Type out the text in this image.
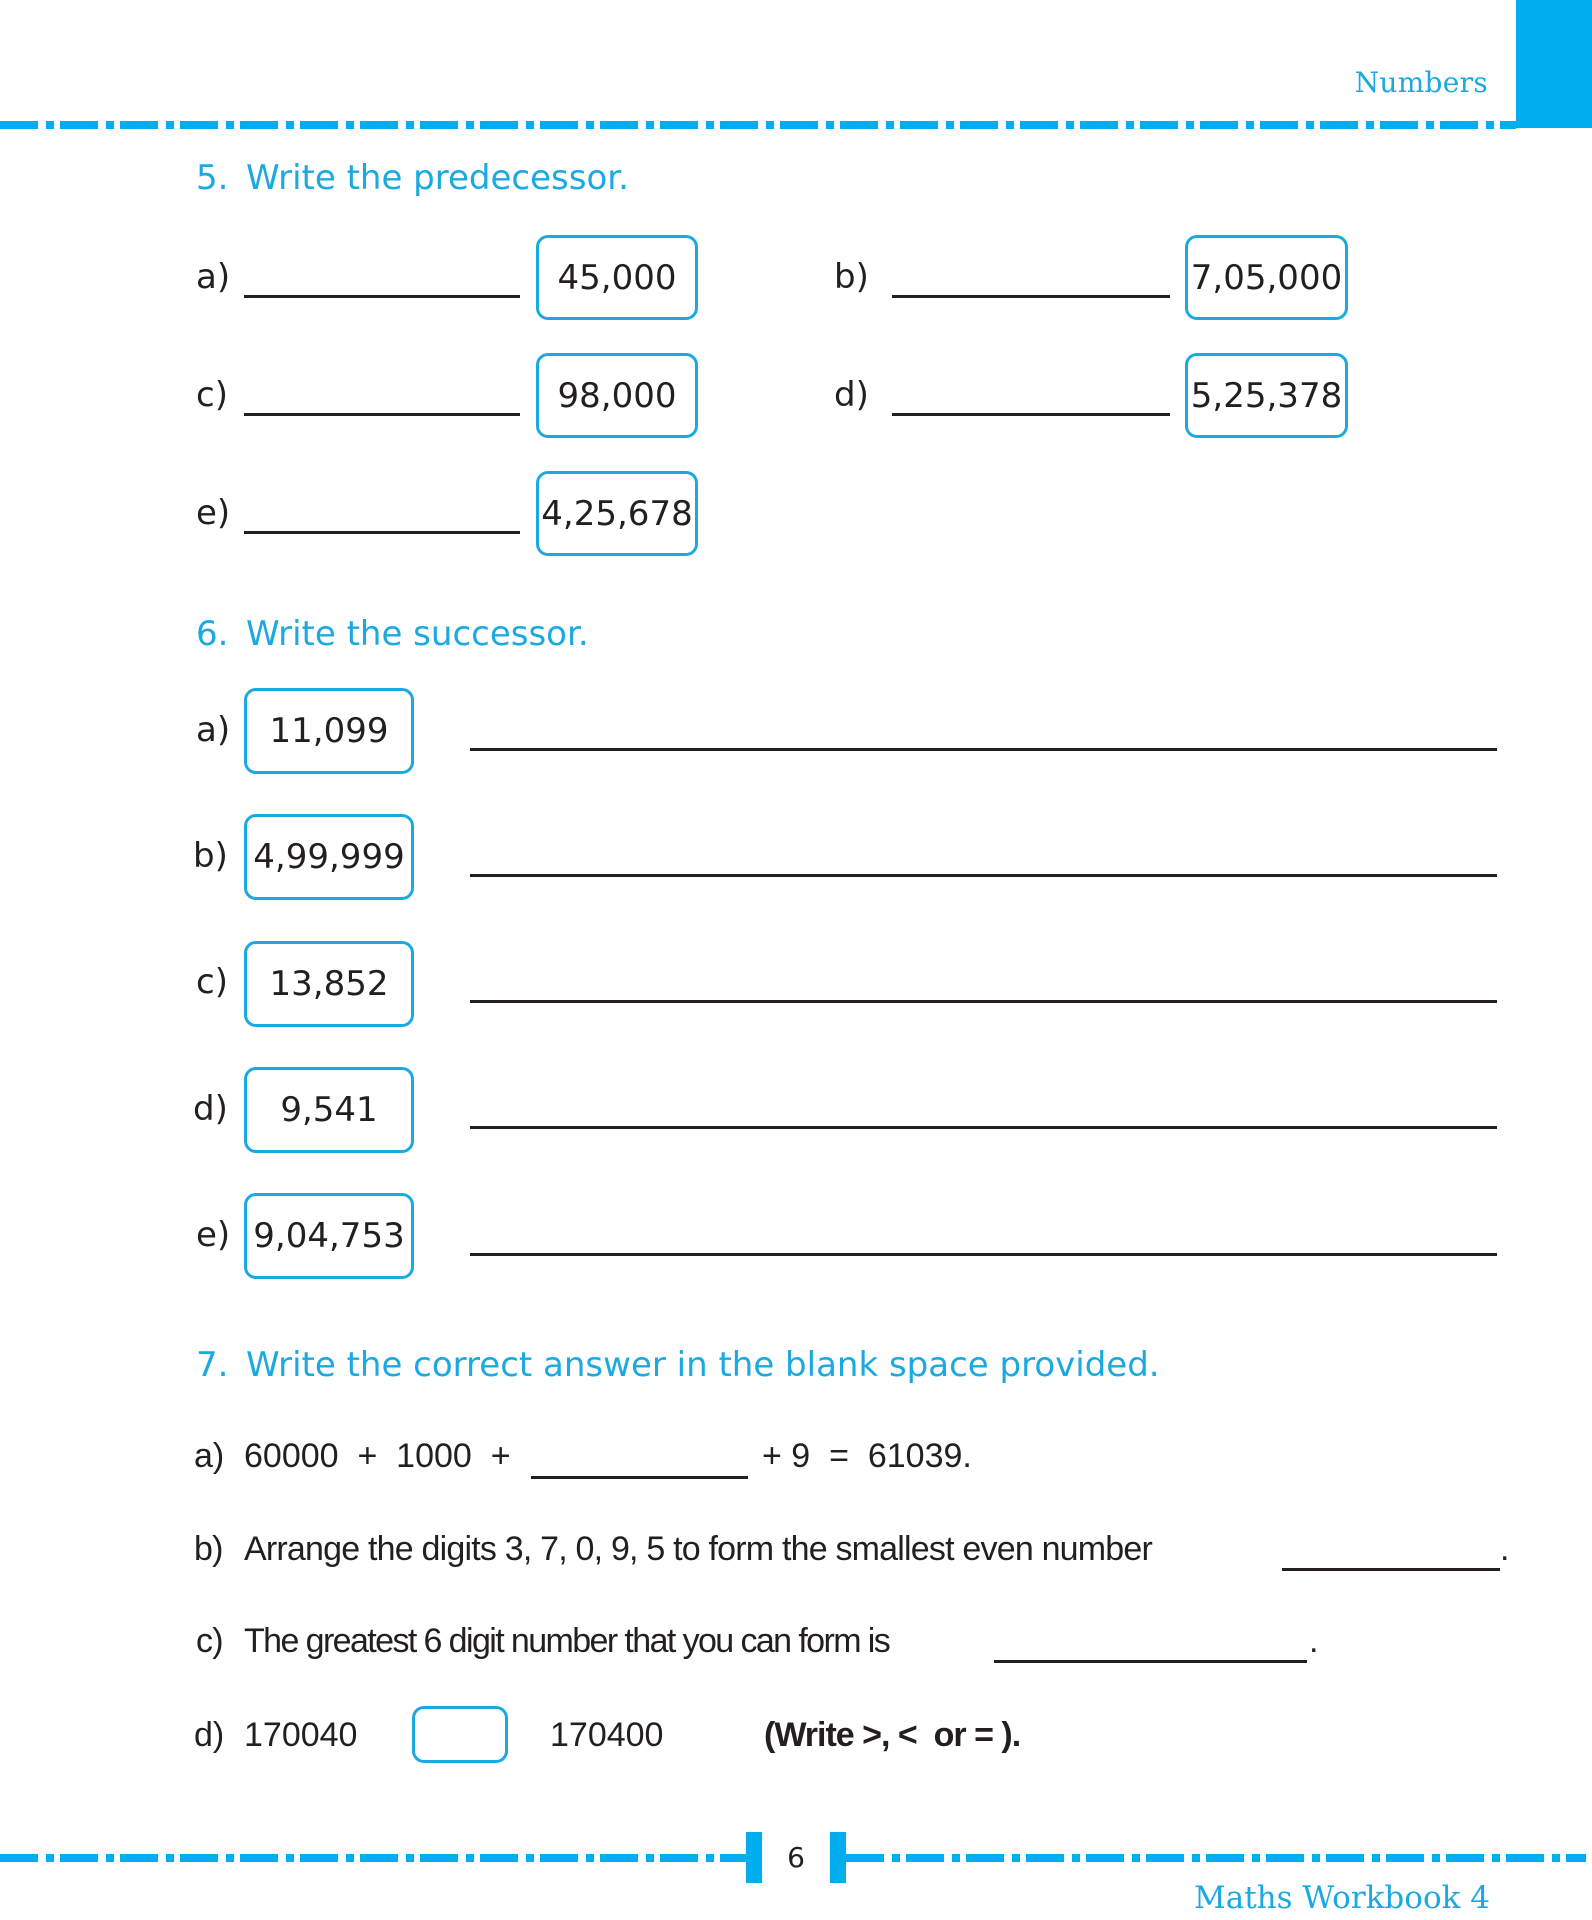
Numbers
5. Write the predecessor.
a)	45,000	b)	7,05,000
c)	98,000	d)	5,25,378
e)	4,25,678
6. Write the successor.
a)	11,099
b) 4,99,999
c)	13,852
d)	9,541
e) 9,04,753
7. Write the correct answer in the blank space provided.
a) 60000  +  1000  +	+ 9  =  61039.
b) Arrange the digits 3, 7, 0, 9, 5 to form the smallest even number	.
c) The greatest 6 digit number that you can form is	.
d) 170040	170400	(Write >, <  or = ).
6
Maths Workbook 4
